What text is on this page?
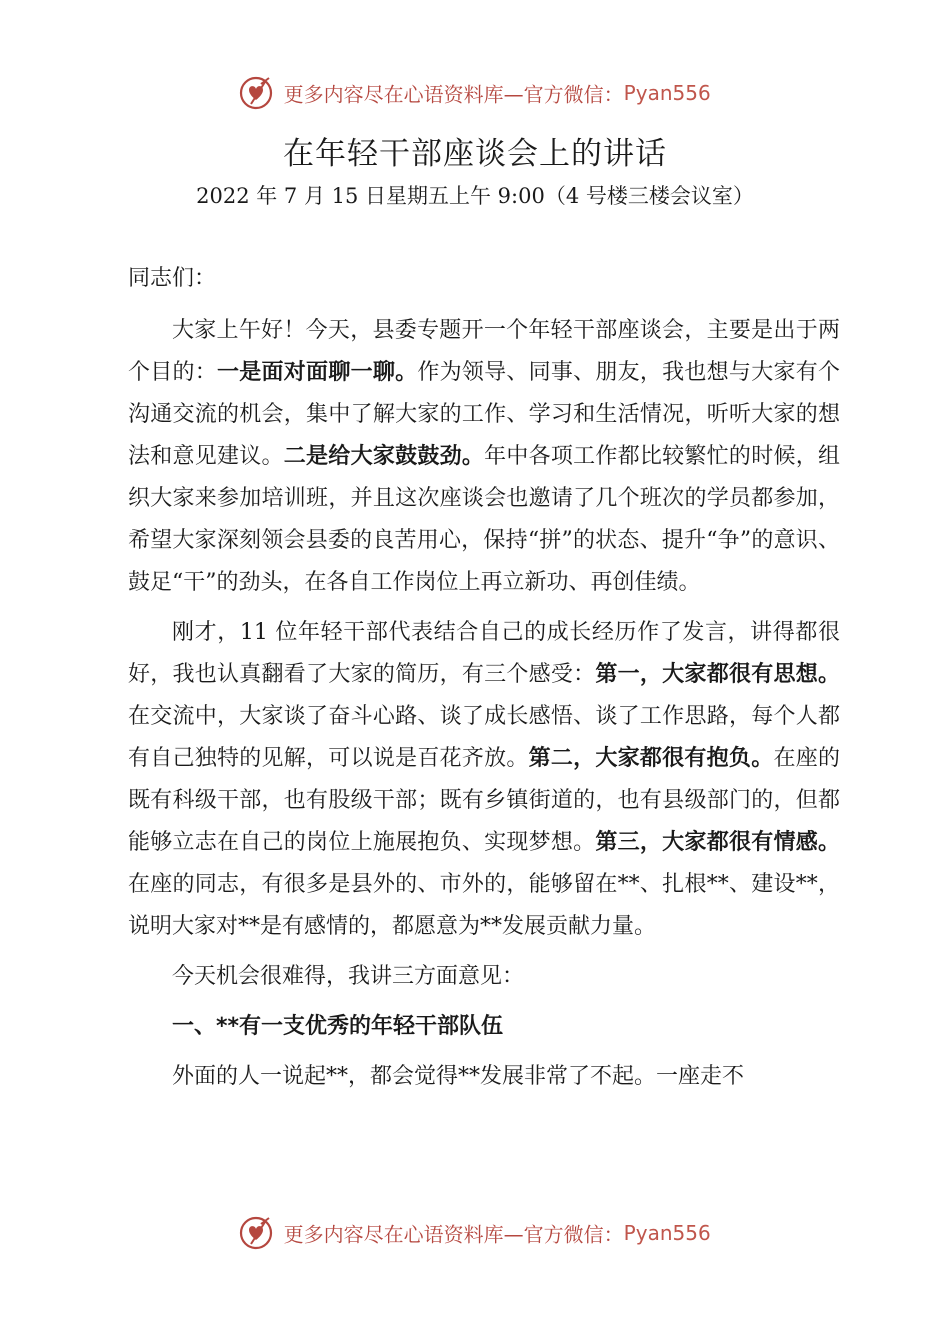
更多内容尽在心语资料库—官方微信：Pyan556
在年轻干部座谈会上的讲话
2022 年 7 月 15 日星期五上午 9:00（4 号楼三楼会议室）

同志们：

大家上午好！今天，县委专题开一个年轻干部座谈会，主要是出于两个目的：一是面对面聊一聊。作为领导、同事、朋友，我也想与大家有个沟通交流的机会，集中了解大家的工作、学习和生活情况，听听大家的想法和意见建议。二是给大家鼓鼓劲。年中各项工作都比较繁忙的时候，组织大家来参加培训班，并且这次座谈会也邀请了几个班次的学员都参加，希望大家深刻领会县委的良苦用心，保持“拼”的状态、提升“争”的意识、鼓足“干”的劲头，在各自工作岗位上再立新功、再创佳绩。

刚才，11 位年轻干部代表结合自己的成长经历作了发言，讲得都很好，我也认真翻看了大家的简历，有三个感受：第一，大家都很有思想。在交流中，大家谈了奋斗心路、谈了成长感悟、谈了工作思路，每个人都有自己独特的见解，可以说是百花齐放。第二，大家都很有抱负。在座的既有科级干部，也有股级干部；既有乡镇街道的，也有县级部门的，但都能够立志在自己的岗位上施展抱负、实现梦想。第三，大家都很有情感。在座的同志，有很多是县外的、市外的，能够留在**、扎根**、建设**，说明大家对**是有感情的，都愿意为**发展贡献力量。

今天机会很难得，我讲三方面意见：

一、**有一支优秀的年轻干部队伍

外面的人一说起**，都会觉得**发展非常了不起。一座走不

更多内容尽在心语资料库—官方微信：Pyan556
